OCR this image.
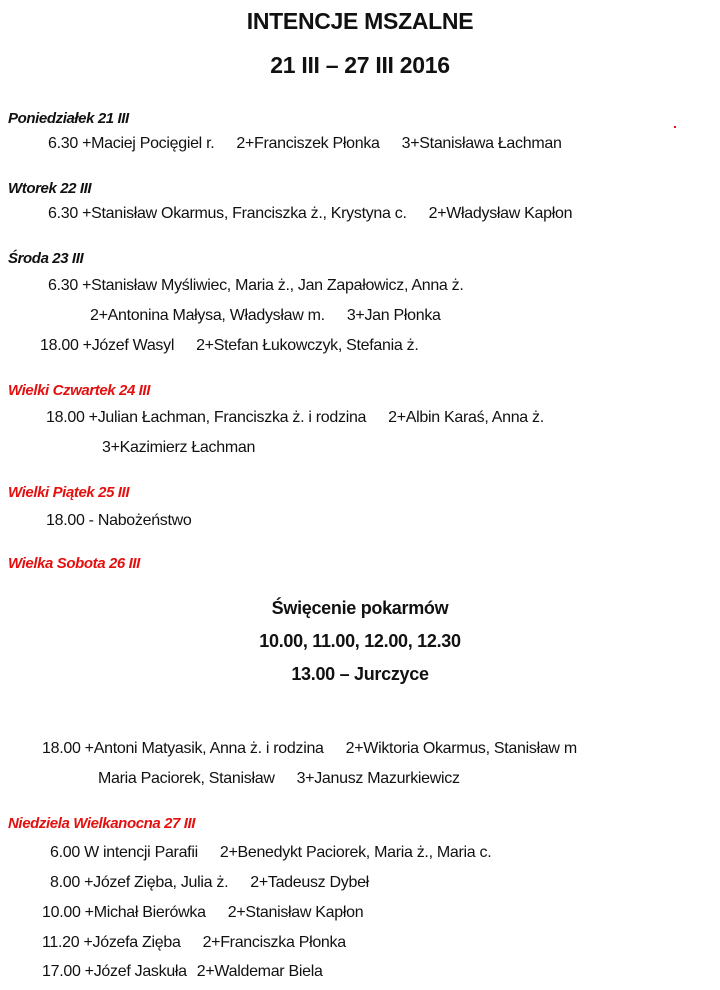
INTENCJE MSZALNE
21 III – 27 III 2016
Poniedziałek 21 III
6.30 +Maciej Pocięgiel r. 2+Franciszek Płonka 3+Stanisława Łachman
Wtorek 22 III
6.30 +Stanisław Okarmus, Franciszka ż., Krystyna c. 2+Władysław Kapłon
Środa 23 III
6.30 +Stanisław Myśliwiec, Maria ż., Jan Zapałowicz, Anna ż.
2+Antonina Małysa, Władysław m. 3+Jan Płonka
18.00 +Józef Wasyl 2+Stefan Łukowczyk, Stefania ż.
Wielki Czwartek 24 III
18.00 +Julian Łachman, Franciszka ż. i rodzina 2+Albin Karaś, Anna ż.
3+Kazimierz Łachman
Wielki Piątek 25 III
18.00 - Nabożeństwo
Wielka Sobota 26 III
Święcenie pokarmów
10.00, 11.00, 12.00, 12.30
13.00 – Jurczyce
18.00 +Antoni Matyasik, Anna ż. i rodzina 2+Wiktoria Okarmus, Stanisław m
Maria Paciorek, Stanisław 3+Janusz Mazurkiewicz
Niedziela Wielkanocna 27 III
6.00 W intencji Parafii 2+Benedykt Paciorek, Maria ż., Maria c.
8.00 +Józef Zięba, Julia ż. 2+Tadeusz Dybeł
10.00 +Michał Bierówka 2+Stanisław Kapłon
11.20 +Józefa Zięba 2+Franciszka Płonka
17.00 +Józef Jaskuła 2+Waldemar Biela
